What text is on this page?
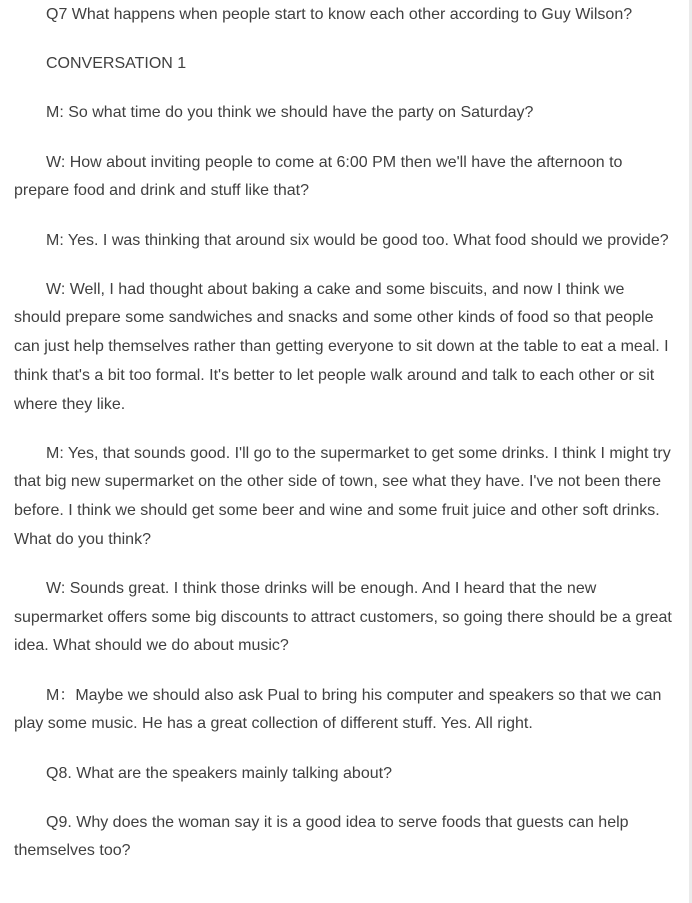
Q7 What happens when people start to know each other according to Guy Wilson?

CONVERSATION 1

M: So what time do you think we should have the party on Saturday?

W: How about inviting people to come at 6:00 PM then we'll have the afternoon to prepare food and drink and stuff like that?

M: Yes. I was thinking that around six would be good too. What food should we provide?

W: Well, I had thought about baking a cake and some biscuits, and now I think we should prepare some sandwiches and snacks and some other kinds of food so that people can just help themselves rather than getting everyone to sit down at the table to eat a meal. I think that's a bit too formal. It's better to let people walk around and talk to each other or sit where they like.

M: Yes, that sounds good. I'll go to the supermarket to get some drinks. I think I might try that big new supermarket on the other side of town, see what they have. I've not been there before. I think we should get some beer and wine and some fruit juice and other soft drinks. What do you think?

W: Sounds great. I think those drinks will be enough. And I heard that the new supermarket offers some big discounts to attract customers, so going there should be a great idea. What should we do about music?

M：Maybe we should also ask Pual to bring his computer and speakers so that we can play some music. He has a great collection of different stuff. Yes. All right.

Q8. What are the speakers mainly talking about?

Q9. Why does the woman say it is a good idea to serve foods that guests can help themselves too?
